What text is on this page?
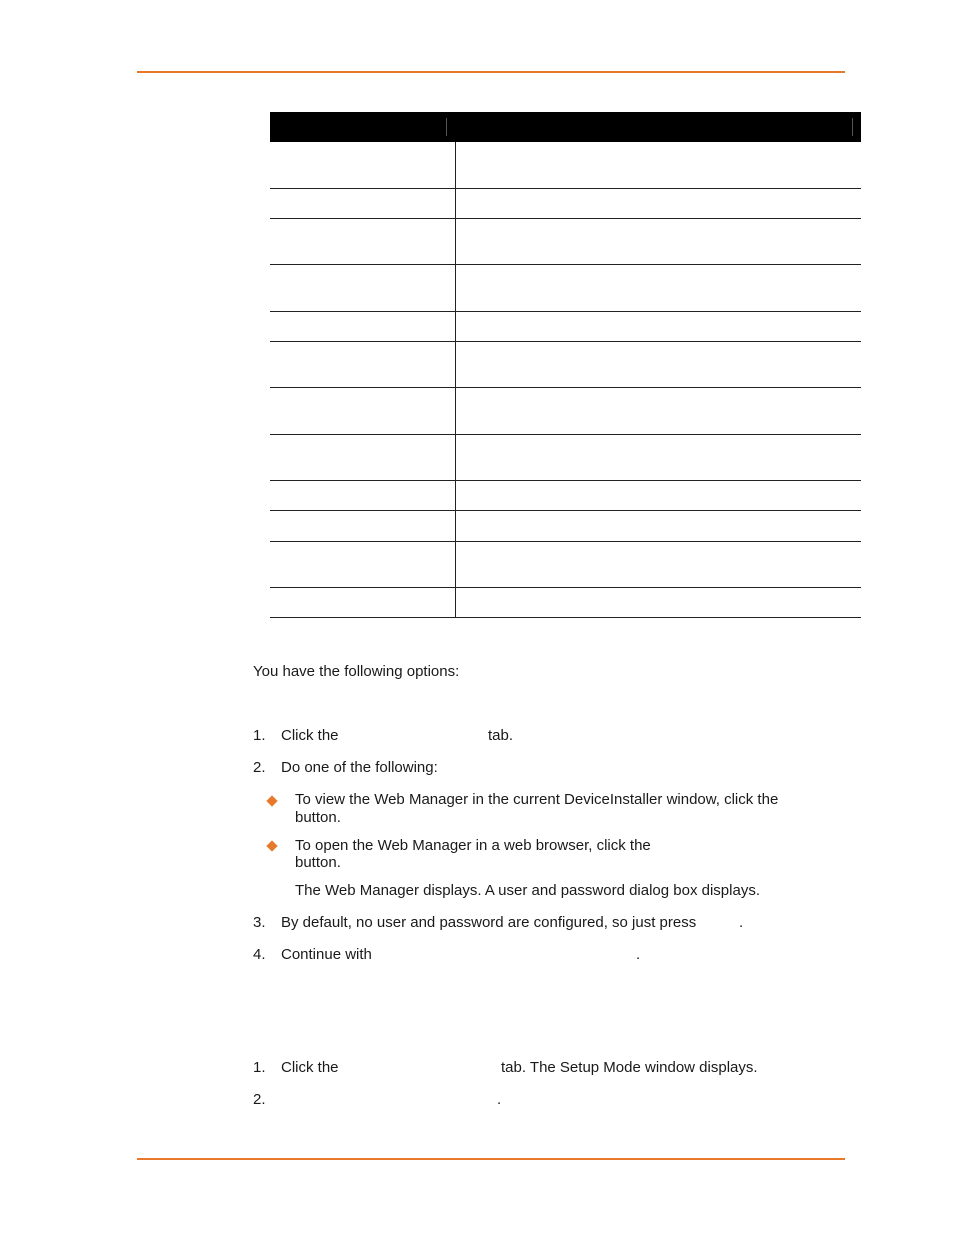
You have the following options:
1. Click the	tab.
2. Do one of the following:
To view the Web Manager in the current DeviceInstaller window, click the
button.
To open the Web Manager in a web browser, click the
button.
The Web Manager displays. A user and password dialog box displays.
3. By default, no user and password are configured, so just press	.
4. Continue with	.
1. Click the	tab. The Setup Mode window displays.
2.	.
